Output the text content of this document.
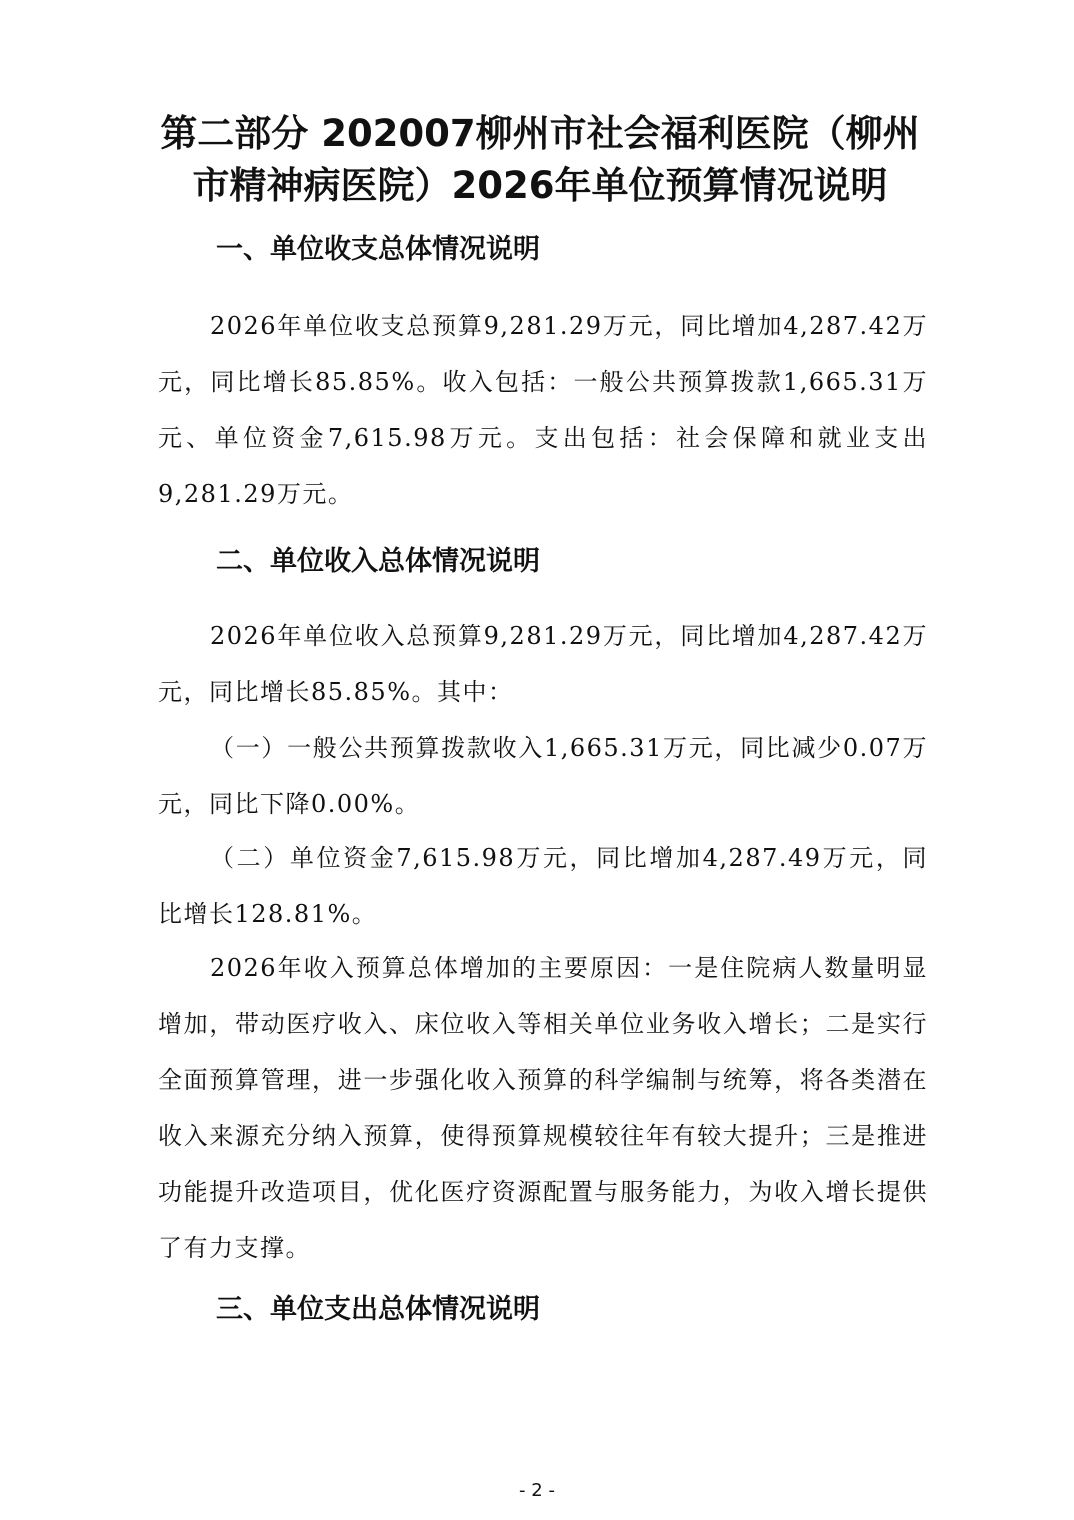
第二部分 202007柳州市社会福利医院（柳州市精神病医院）2026年单位预算情况说明
一、单位收支总体情况说明

2026年单位收支总预算9,281.29万元，同比增加4,287.42万元，同比增长85.85%。收入包括：一般公共预算拨款1,665.31万元、单位资金7,615.98万元。支出包括：社会保障和就业支出9,281.29万元。

二、单位收入总体情况说明

2026年单位收入总预算9,281.29万元，同比增加4,287.42万元，同比增长85.85%。其中：

（一）一般公共预算拨款收入1,665.31万元，同比减少0.07万元，同比下降0.00%。

（二）单位资金7,615.98万元，同比增加4,287.49万元，同比增长128.81%。

2026年收入预算总体增加的主要原因：一是住院病人数量明显增加，带动医疗收入、床位收入等相关单位业务收入增长；二是实行全面预算管理，进一步强化收入预算的科学编制与统筹，将各类潜在收入来源充分纳入预算，使得预算规模较往年有较大提升；三是推进功能提升改造项目，优化医疗资源配置与服务能力，为收入增长提供了有力支撑。

三、单位支出总体情况说明
- 2 -
